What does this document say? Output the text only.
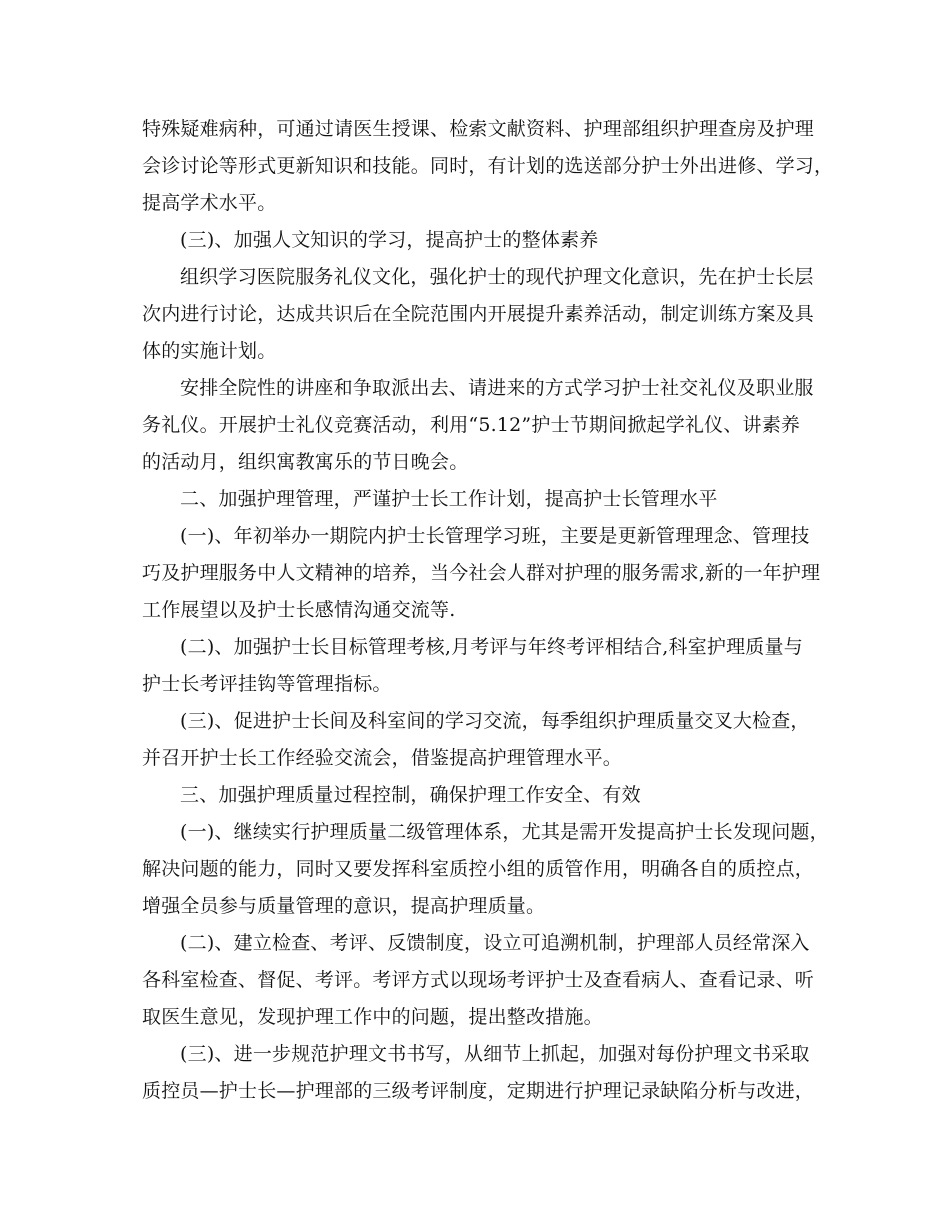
特殊疑难病种，可通过请医生授课、检索文献资料、护理部组织护理查房及护理
会诊讨论等形式更新知识和技能。同时，有计划的选送部分护士外出进修、学习，
提高学术水平。
(三)、加强人文知识的学习，提高护士的整体素养
组织学习医院服务礼仪文化，强化护士的现代护理文化意识，先在护士长层
次内进行讨论，达成共识后在全院范围内开展提升素养活动，制定训练方案及具
体的实施计划。
安排全院性的讲座和争取派出去、请进来的方式学习护士社交礼仪及职业服
务礼仪。开展护士礼仪竞赛活动，利用“5.12”护士节期间掀起学礼仪、讲素养
的活动月，组织寓教寓乐的节日晚会。
二、加强护理管理，严谨护士长工作计划，提高护士长管理水平
(一)、年初举办一期院内护士长管理学习班，主要是更新管理理念、管理技
巧及护理服务中人文精神的培养，当今社会人群对护理的服务需求,新的一年护理
工作展望以及护士长感情沟通交流等.
(二)、加强护士长目标管理考核,月考评与年终考评相结合,科室护理质量与
护士长考评挂钩等管理指标。
(三)、促进护士长间及科室间的学习交流，每季组织护理质量交叉大检查，
并召开护士长工作经验交流会，借鉴提高护理管理水平。
三、加强护理质量过程控制，确保护理工作安全、有效
(一)、继续实行护理质量二级管理体系，尤其是需开发提高护士长发现问题，
解决问题的能力，同时又要发挥科室质控小组的质管作用，明确各自的质控点，
增强全员参与质量管理的意识，提高护理质量。
(二)、建立检查、考评、反馈制度，设立可追溯机制，护理部人员经常深入
各科室检查、督促、考评。考评方式以现场考评护士及查看病人、查看记录、听
取医生意见，发现护理工作中的问题，提出整改措施。
(三)、进一步规范护理文书书写，从细节上抓起，加强对每份护理文书采取
质控员—护士长—护理部的三级考评制度，定期进行护理记录缺陷分析与改进，
